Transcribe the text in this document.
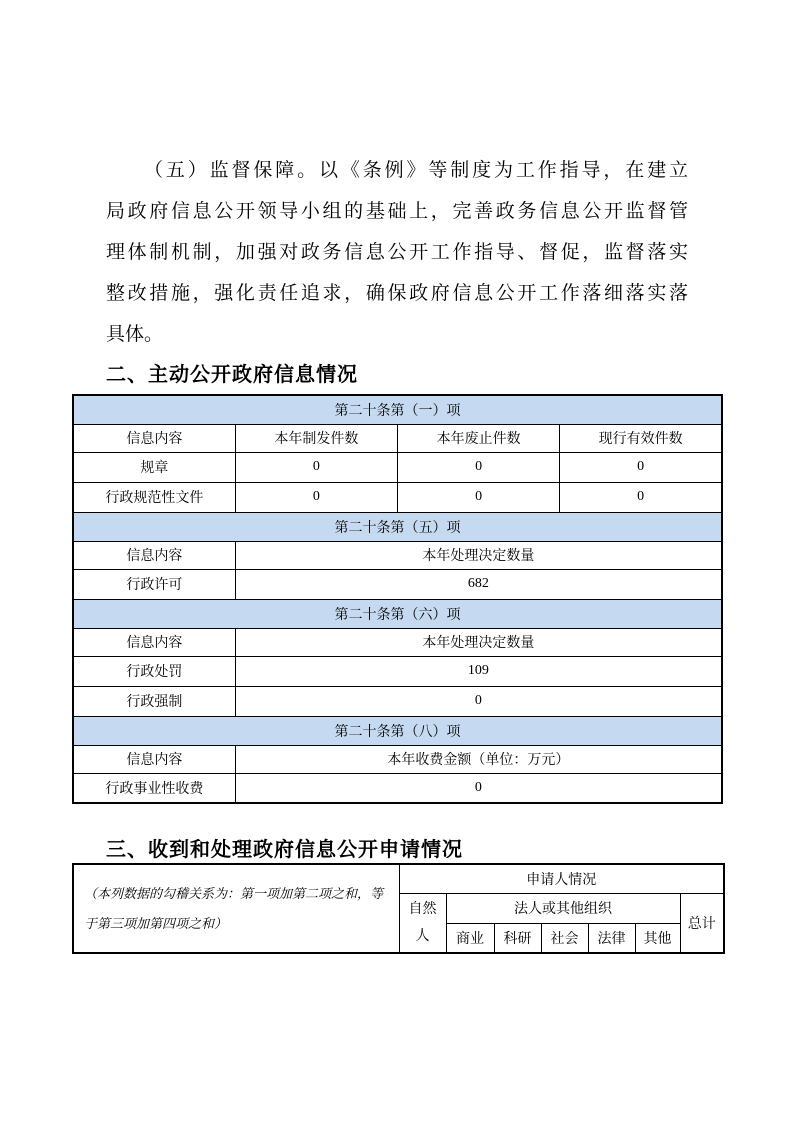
（五）监督保障。以《条例》等制度为工作指导，在建立
局政府信息公开领导小组的基础上，完善政务信息公开监督管
理体制机制，加强对政务信息公开工作指导、督促，监督落实
整改措施，强化责任追求，确保政府信息公开工作落细落实落
具体。
二、主动公开政府信息情况
第二十条第（一）项			
信息内容	本年制发件数	本年废止件数	现行有效件数
规章	0	0	0
行政规范性文件	0	0	0
第二十条第（五）项			
信息内容	本年处理决定数量		
行政许可	682		
第二十条第（六）项			
信息内容	本年处理决定数量		
行政处罚	109		
行政强制	0		
第二十条第（八）项			
信息内容	本年收费金额（单位：万元）		
行政事业性收费	0		
三、收到和处理政府信息公开申请情况
（本列数据的勾稽关系为：第一项加第二项之和，等于第三项加第四项之和）	申请人情况						
	自然人	法人或其他组织					总计
		商业	科研	社会	法律	其他	
